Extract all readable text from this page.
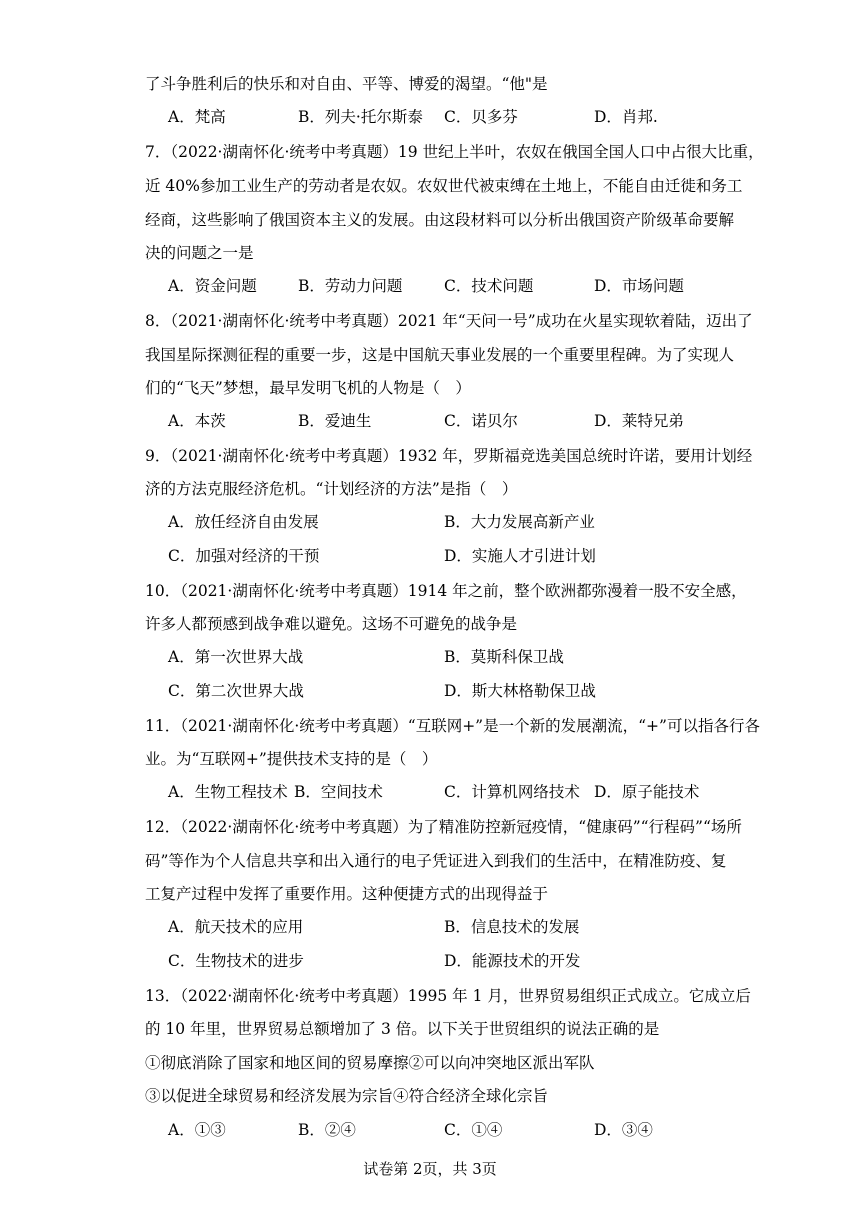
了斗争胜利后的快乐和对自由、平等、博爱的渴望。“他"是
A．梵高	B．列夫·托尔斯泰 C．贝多芬	D．肖邦.
7．（2022·湖南怀化·统考中考真题）19 世纪上半叶，农奴在俄国全国人口中占很大比重，
近 40%参加工业生产的劳动者是农奴。农奴世代被束缚在土地上，不能自由迁徙和务工
经商，这些影响了俄国资本主义的发展。由这段材料可以分析出俄国资产阶级革命要解
决的问题之一是
A．资金问题	B．劳动力问题	C．技术问题	D．市场问题
8．（2021·湖南怀化·统考中考真题）2021 年“天问一号”成功在火星实现软着陆，迈出了
我国星际探测征程的重要一步，这是中国航天事业发展的一个重要里程碑。为了实现人
们的“飞天”梦想，最早发明飞机的人物是（　）
A．本茨	B．爱迪生	C．诺贝尔	D．莱特兄弟
9．（2021·湖南怀化·统考中考真题）1932 年，罗斯福竞选美国总统时许诺，要用计划经
济的方法克服经济危机。“计划经济的方法”是指（　）
A．放任经济自由发展	B．大力发展高新产业
C．加强对经济的干预	D．实施人才引进计划
10．（2021·湖南怀化·统考中考真题）1914 年之前，整个欧洲都弥漫着一股不安全感，
许多人都预感到战争难以避免。这场不可避免的战争是
A．第一次世界大战	B．莫斯科保卫战
C．第二次世界大战	D．斯大林格勒保卫战
11．（2021·湖南怀化·统考中考真题）“互联网+”是一个新的发展潮流，“+”可以指各行各
业。为“互联网+”提供技术支持的是（　）
A．生物工程技术 B．空间技术	C．计算机网络技术 D．原子能技术
12．（2022·湖南怀化·统考中考真题）为了精准防控新冠疫情，“健康码”“行程码”“场所
码”等作为个人信息共享和出入通行的电子凭证进入到我们的生活中，在精准防疫、复
工复产过程中发挥了重要作用。这种便捷方式的出现得益于
A．航天技术的应用	B．信息技术的发展
C．生物技术的进步	D．能源技术的开发
13．（2022·湖南怀化·统考中考真题）1995 年 1 月，世界贸易组织正式成立。它成立后
的 10 年里，世界贸易总额增加了 3 倍。以下关于世贸组织的说法正确的是
①彻底消除了国家和地区间的贸易摩擦②可以向冲突地区派出军队
③以促进全球贸易和经济发展为宗旨④符合经济全球化宗旨
A．①③	B．②④	C．①④	D．③④
试卷第 2页，共 3页
